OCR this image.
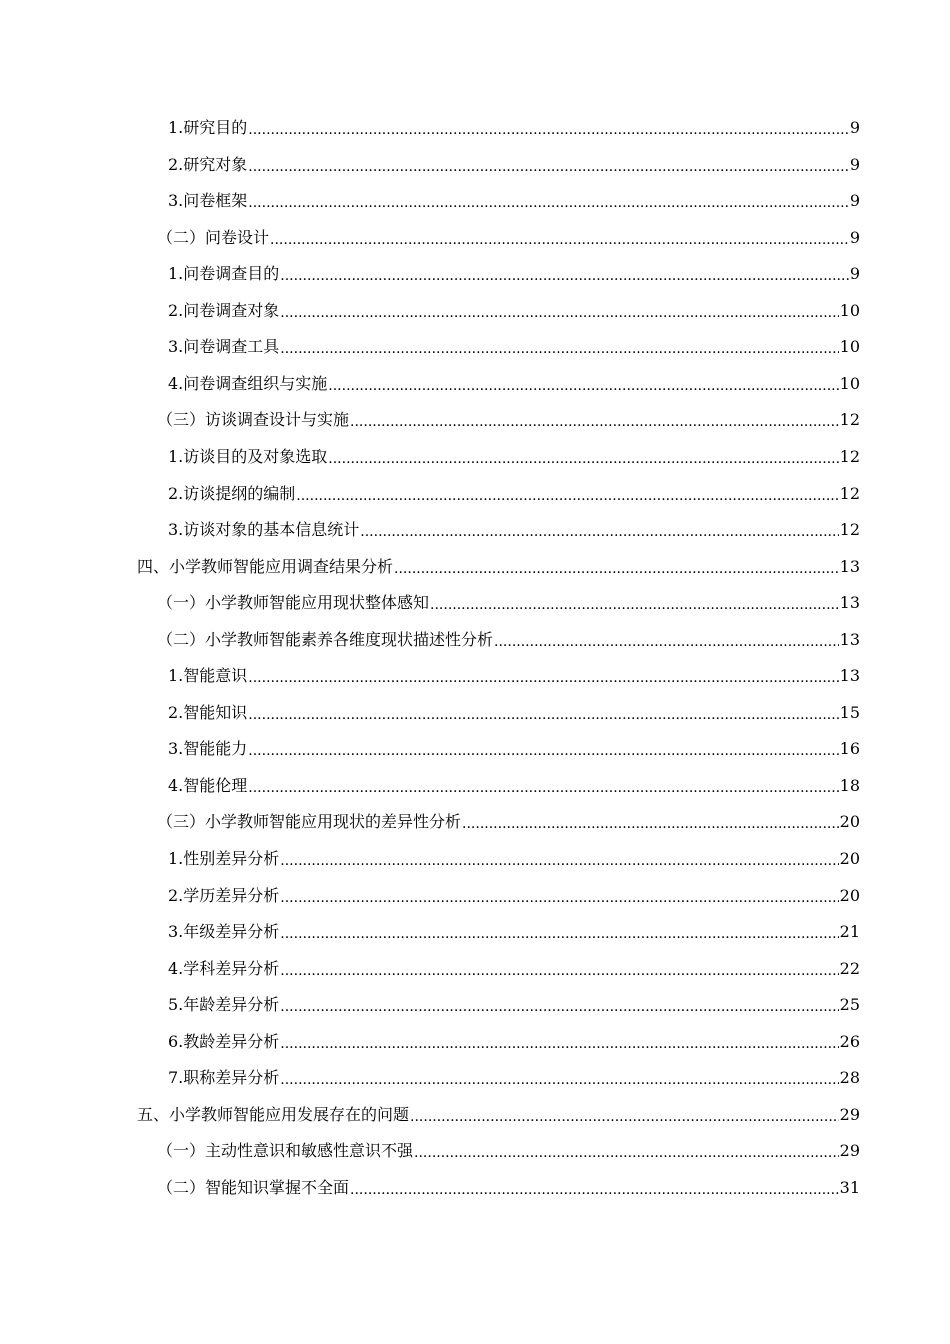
1.研究目的 .....	9
2.研究对象 .....	9
3.问卷框架 .....	9
（二）问卷设计 .....	9
1.问卷调查目的 .....	9
2.问卷调查对象 .....	10
3.问卷调查工具 .....	10
4.问卷调查组织与实施 .....	10
（三）访谈调查设计与实施 .....	12
1.访谈目的及对象选取 .....	12
2.访谈提纲的编制 .....	12
3.访谈对象的基本信息统计 .....	12
四、小学教师智能应用调查结果分析 .....	13
（一）小学教师智能应用现状整体感知 .....	13
（二）小学教师智能素养各维度现状描述性分析 .....	13
1.智能意识 .....	13
2.智能知识 .....	15
3.智能能力 .....	16
4.智能伦理 .....	18
（三）小学教师智能应用现状的差异性分析 .....	20
1.性别差异分析 .....	20
2.学历差异分析 .....	20
3.年级差异分析 .....	21
4.学科差异分析 .....	22
5.年龄差异分析 .....	25
6.教龄差异分析 .....	26
7.职称差异分析 .....	28
五、小学教师智能应用发展存在的问题 .....	29
（一）主动性意识和敏感性意识不强 .....	29
（二）智能知识掌握不全面 .....	31
